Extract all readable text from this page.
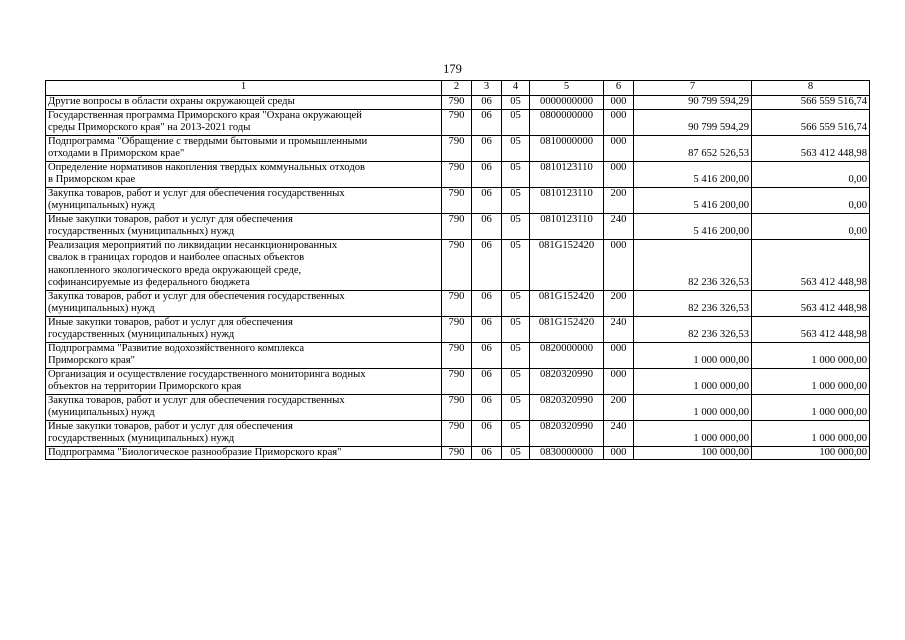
179
1	2	3	4	5	6	7	8

Другие вопросы в области охраны окружающей среды	790	06	05	0000000000	000	90 799 594,29	566 559 516,74

Государственная программа Приморского края "Охрана окружающей
среды Приморского края" на 2013-2021 годы	790	06	05	0800000000	000	90 799 594,29	566 559 516,74

Подпрограмма "Обращение с твердыми бытовыми и промышленными
отходами в Приморском крае"	790	06	05	0810000000	000	87 652 526,53	563 412 448,98

Определение нормативов накопления твердых коммунальных отходов
в Приморском крае	790	06	05	0810123110	000	5 416 200,00	0,00

Закупка товаров, работ и услуг для обеспечения государственных
(муниципальных) нужд	790	06	05	0810123110	200	5 416 200,00	0,00

Иные закупки товаров, работ и услуг для обеспечения
государственных (муниципальных) нужд	790	06	05	0810123110	240	5 416 200,00	0,00

Реализация мероприятий по ликвидации несанкционированных
свалок в границах городов и наиболее опасных объектов
накопленного экологического вреда окружающей среде,
софинансируемые из федерального бюджета	790	06	05	081G152420	000	82 236 326,53	563 412 448,98

Закупка товаров, работ и услуг для обеспечения государственных
(муниципальных) нужд	790	06	05	081G152420	200	82 236 326,53	563 412 448,98

Иные закупки товаров, работ и услуг для обеспечения
государственных (муниципальных) нужд	790	06	05	081G152420	240	82 236 326,53	563 412 448,98

Подпрограмма "Развитие водохозяйственного комплекса
Приморского края"	790	06	05	0820000000	000	1 000 000,00	1 000 000,00

Организация и осуществление государственного мониторинга водных
объектов на территории Приморского края	790	06	05	0820320990	000	1 000 000,00	1 000 000,00

Закупка товаров, работ и услуг для обеспечения государственных
(муниципальных) нужд	790	06	05	0820320990	200	1 000 000,00	1 000 000,00

Иные закупки товаров, работ и услуг для обеспечения
государственных (муниципальных) нужд	790	06	05	0820320990	240	1 000 000,00	1 000 000,00

Подпрограмма "Биологическое разнообразие Приморского края"	790	06	05	0830000000	000	100 000,00	100 000,00
